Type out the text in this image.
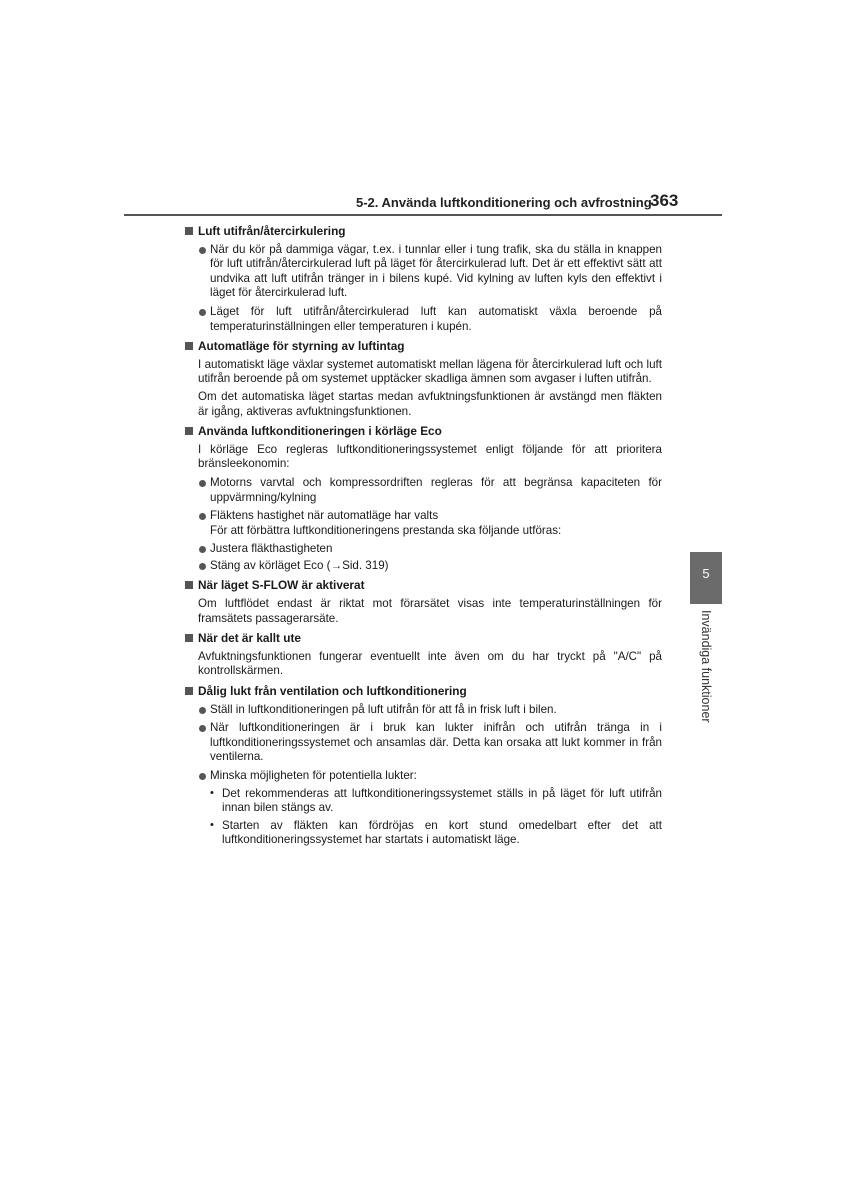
5-2. Använda luftkonditionering och avfrostning
363

Luft utifrån/återcirkulering

När du kör på dammiga vägar, t.ex. i tunnlar eller i tung trafik, ska du ställa in knappen för luft utifrån/återcirkulerad luft på läget för återcirkulerad luft. Det är ett effektivt sätt att undvika att luft utifrån tränger in i bilens kupé. Vid kylning av luften kyls den effektivt i läget för återcirkulerad luft.
Läget för luft utifrån/återcirkulerad luft kan automatiskt växla beroende på temperaturinställningen eller temperaturen i kupén.

Automatläge för styrning av luftintag

I automatiskt läge växlar systemet automatiskt mellan lägena för återcirkulerad luft och luft utifrån beroende på om systemet upptäcker skadliga ämnen som avgaser i luften utifrån.

Om det automatiska läget startas medan avfuktningsfunktionen är avstängd men fläkten är igång, aktiveras avfuktningsfunktionen.

Använda luftkonditioneringen i körläge Eco

I körläge Eco regleras luftkonditioneringssystemet enligt följande för att prioritera bränsleekonomin:

Motorns varvtal och kompressordriften regleras för att begränsa kapaciteten för uppvärmning/kylning
Fläktens hastighet när automatläge har valts
För att förbättra luftkonditioneringens prestanda ska följande utföras:
Justera fläkthastigheten
Stäng av körläget Eco (→Sid. 319)

När läget S-FLOW är aktiverat

Om luftflödet endast är riktat mot förarsätet visas inte temperaturinställningen för framsätets passagerarsäte.

När det är kallt ute

Avfuktningsfunktionen fungerar eventuellt inte även om du har tryckt på "A/C" på kontrollskärmen.

Dålig lukt från ventilation och luftkonditionering

Ställ in luftkonditioneringen på luft utifrån för att få in frisk luft i bilen.
När luftkonditioneringen är i bruk kan lukter inifrån och utifrån tränga in i luftkonditioneringssystemet och ansamlas där. Detta kan orsaka att lukt kommer in från ventilerna.
Minska möjligheten för potentiella lukter:
• Det rekommenderas att luftkonditioneringssystemet ställs in på läget för luft utifrån innan bilen stängs av.
• Starten av fläkten kan fördröjas en kort stund omedelbart efter det att luftkonditioneringssystemet har startats i automatiskt läge.
5
Invändiga funktioner
